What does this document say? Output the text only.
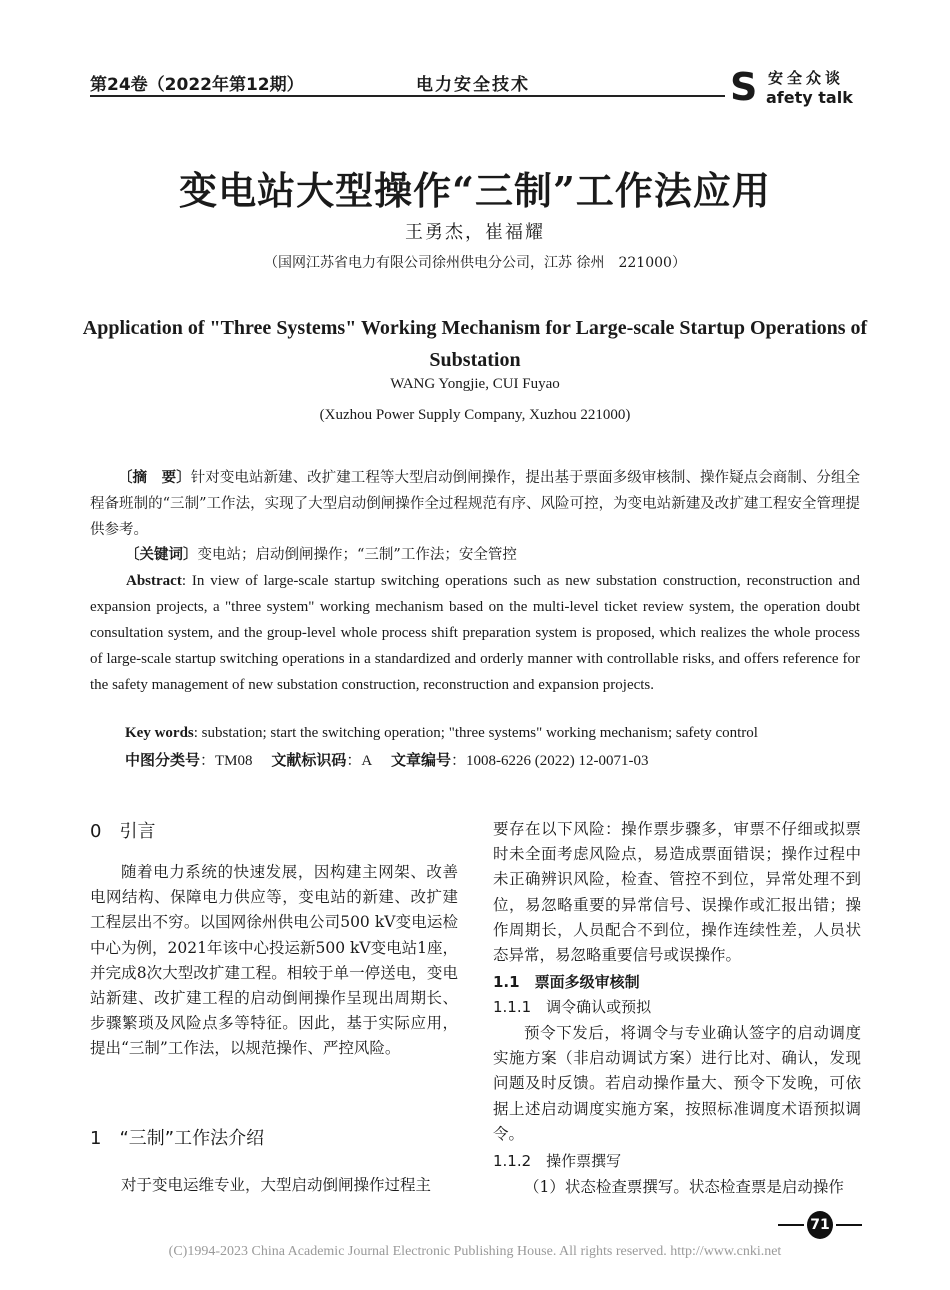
第24卷（2022年第12期）	电力安全技术	S 安全众谈
afety talk
变电站大型操作“三制”工作法应用
王勇杰，崔福耀
（国网江苏省电力有限公司徐州供电分公司，江苏 徐州　221000）
Application of "Three Systems" Working Mechanism for Large-scale Startup Operations of Substation
WANG Yongjie, CUI Fuyao
(Xuzhou Power Supply Company, Xuzhou 221000)

〔摘　要〕针对变电站新建、改扩建工程等大型启动倒闸操作，提出基于票面多级审核制、操作疑点会商制、分组全程备班制的“三制”工作法，实现了大型启动倒闸操作全过程规范有序、风险可控，为变电站新建及改扩建工程安全管理提供参考。

〔关键词〕变电站；启动倒闸操作；“三制”工作法；安全管控

Abstract: In view of large-scale startup switching operations such as new substation construction, reconstruction and expansion projects, a "three system" working mechanism based on the multi-level ticket review system, the operation doubt consultation system, and the group-level whole process shift preparation system is proposed, which realizes the whole process of large-scale startup switching operations in a standardized and orderly manner with controllable risks, and offers reference for the safety management of new substation construction, reconstruction and expansion projects.

Key words: substation; start the switching operation; "three systems" working mechanism; safety control
中图分类号：TM08 文献标识码：A 文章编号：1008-6226 (2022) 12-0071-03
0　引言

随着电力系统的快速发展，因构建主网架、改善电网结构、保障电力供应等，变电站的新建、改扩建工程层出不穷。以国网徐州供电公司500 kV变电运检中心为例，2021年该中心投运新500 kV变电站1座，并完成8次大型改扩建工程。相较于单一停送电，变电站新建、改扩建工程的启动倒闸操作呈现出周期长、步骤繁琐及风险点多等特征。因此，基于实际应用，提出“三制”工作法，以规范操作、严控风险。

1　“三制”工作法介绍

对于变电运维专业，大型启动倒闸操作过程主

要存在以下风险：操作票步骤多，审票不仔细或拟票时未全面考虑风险点，易造成票面错误；操作过程中未正确辨识风险，检查、管控不到位，异常处理不到位，易忽略重要的异常信号、误操作或汇报出错；操作周期长，人员配合不到位，操作连续性差，人员状态异常，易忽略重要信号或误操作。

1.1　票面多级审核制
1.1.1　调令确认或预拟

预令下发后，将调令与专业确认签字的启动调度实施方案（非启动调试方案）进行比对、确认，发现问题及时反馈。若启动操作量大、预令下发晚，可依据上述启动调度实施方案，按照标准调度术语预拟调令。

1.1.2　操作票撰写

（1）状态检查票撰写。状态检查票是启动操作

71
(C)1994-2023 China Academic Journal Electronic Publishing House. All rights reserved. http://www.cnki.net
